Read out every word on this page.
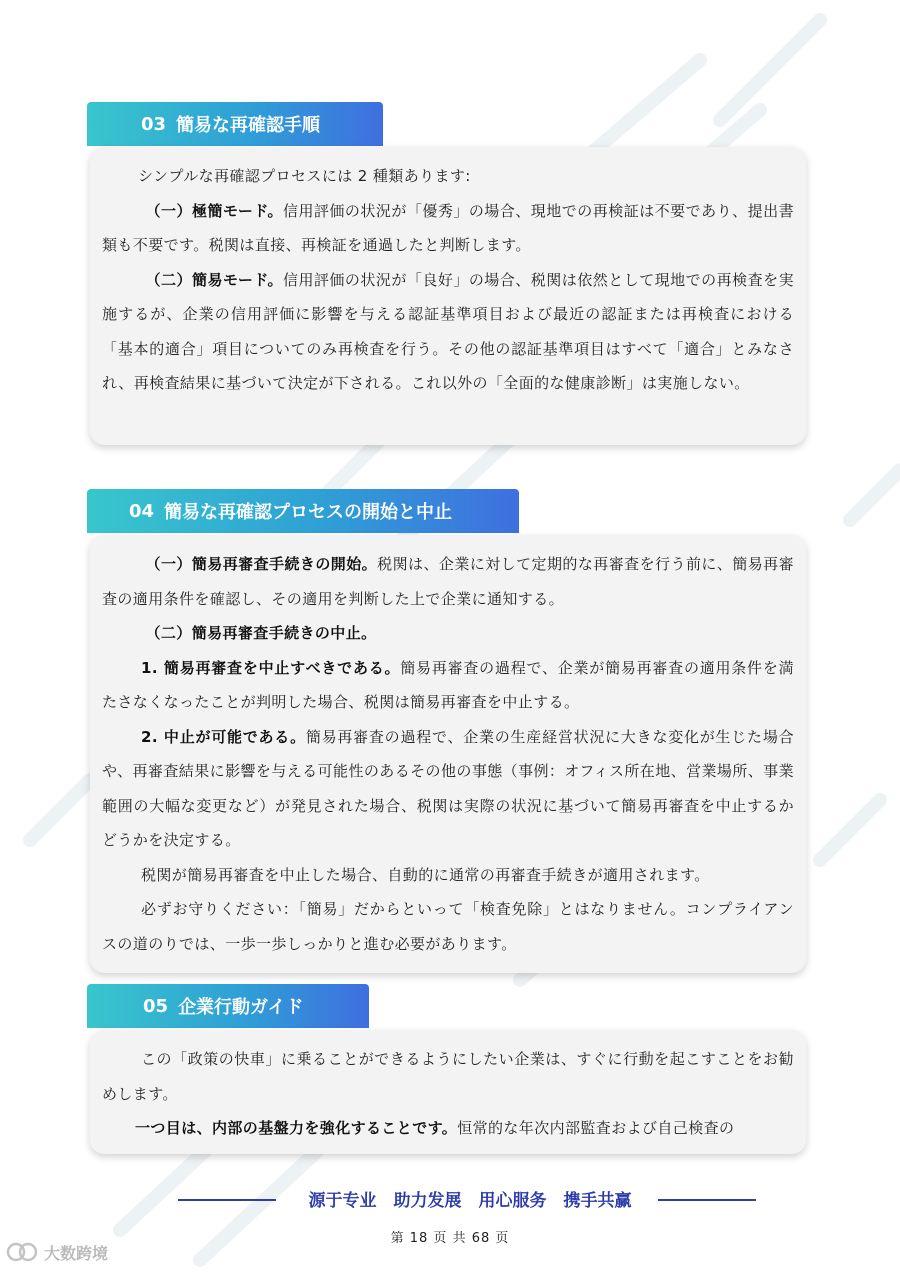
03 簡易な再確認手順

シンプルな再確認プロセスには 2 種類あります:

（一）極簡モード。信用評価の状況が「優秀」の場合、現地での再検証は不要であり、提出書類も不要です。税関は直接、再検証を通過したと判断します。

（二）簡易モード。信用評価の状況が「良好」の場合、税関は依然として現地での再検査を実施するが、企業の信用評価に影響を与える認証基準項目および最近の認証または再検査における「基本的適合」項目についてのみ再検査を行う。その他の認証基準項目はすべて「適合」とみなされ、再検査結果に基づいて決定が下される。これ以外の「全面的な健康診断」は実施しない。

04 簡易な再確認プロセスの開始と中止

（一）簡易再審査手続きの開始。税関は、企業に対して定期的な再審査を行う前に、簡易再審査の適用条件を確認し、その適用を判断した上で企業に通知する。

（二）簡易再審査手続きの中止。

1. 簡易再審査を中止すべきである。簡易再審査の過程で、企業が簡易再審査の適用条件を満たさなくなったことが判明した場合、税関は簡易再審査を中止する。

2. 中止が可能である。簡易再審査の過程で、企業の生産経営状況に大きな変化が生じた場合や、再審査結果に影響を与える可能性のあるその他の事態（事例：オフィス所在地、営業場所、事業範囲の大幅な変更など）が発見された場合、税関は実際の状況に基づいて簡易再審査を中止するかどうかを決定する。

税関が簡易再審査を中止した場合、自動的に通常の再審査手続きが適用されます。

必ずお守りください：「簡易」だからといって「検査免除」とはなりません。コンプライアンスの道のりでは、一歩一歩しっかりと進む必要があります。

05 企業行動ガイド

この「政策の快車」に乗ることができるようにしたい企業は、すぐに行動を起こすことをお勧めします。

一つ目は、内部の基盤力を強化することです。恒常的な年次内部監査および自己検査の

源于专业　助力发展　用心服务　携手共赢
第 18 页 共 68 页
大数跨境
